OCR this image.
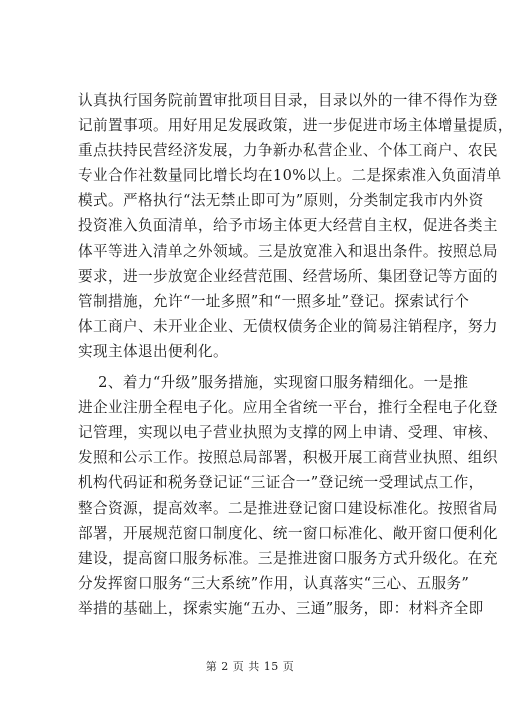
认真执行国务院前置审批项目目录，目录以外的一律不得作为登
记前置事项。用好用足发展政策，进一步促进市场主体增量提质，
重点扶持民营经济发展，力争新办私营企业、个体工商户、农民
专业合作社数量同比增长均在10%以上。二是探索准入负面清单
模式。严格执行“法无禁止即可为”原则，分类制定我市内外资
投资准入负面清单，给予市场主体更大经营自主权，促进各类主
体平等进入清单之外领域。三是放宽准入和退出条件。按照总局
要求，进一步放宽企业经营范围、经营场所、集团登记等方面的
管制措施，允许“一址多照”和“一照多址”登记。探索试行个
体工商户、未开业企业、无债权债务企业的简易注销程序，努力
实现主体退出便利化。
2、着力“升级”服务措施，实现窗口服务精细化。一是推
进企业注册全程电子化。应用全省统一平台，推行全程电子化登
记管理，实现以电子营业执照为支撑的网上申请、受理、审核、
发照和公示工作。按照总局部署，积极开展工商营业执照、组织
机构代码证和税务登记证“三证合一”登记统一受理试点工作，
整合资源，提高效率。二是推进登记窗口建设标准化。按照省局
部署，开展规范窗口制度化、统一窗口标准化、敞开窗口便利化
建设，提高窗口服务标准。三是推进窗口服务方式升级化。在充
分发挥窗口服务“三大系统”作用，认真落实“三心、五服务”
举措的基础上，探索实施“五办、三通”服务，即：材料齐全即
第 2 页 共 15 页
